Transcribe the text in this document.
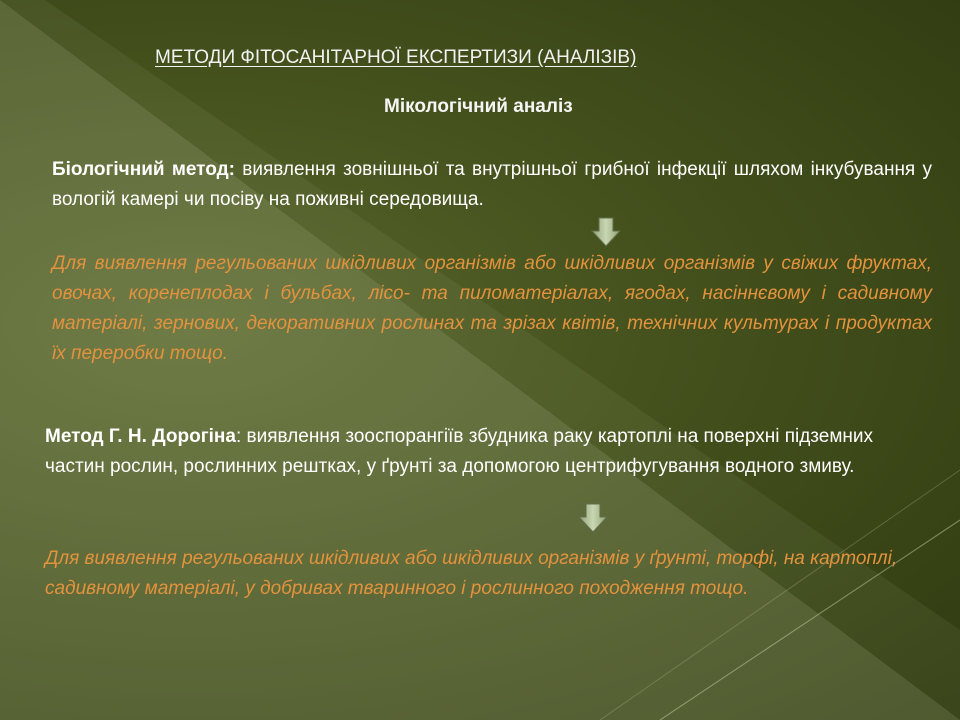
МЕТОДИ ФІТОСАНІТАРНОЇ ЕКСПЕРТИЗИ (АНАЛІЗІВ)
Мікологічний аналіз

Біологічний метод: виявлення зовнішньої та внутрішньої грибної інфекції шляхом інкубування у вологій камері чи посіву на поживні середовища.

Для виявлення регульованих шкідливих організмів або шкідливих організмів у свіжих фруктах, овочах, коренеплодах і бульбах, лісо- та пиломатеріалах, ягодах, насіннєвому і садивному матеріалі, зернових, декоративних рослинах та зрізах квітів, технічних культурах і продуктах їх переробки тощо.

Метод Г. Н. Дорогіна: виявлення зооспорангіїв збудника раку картоплі на поверхні підземних частин рослин, рослинних рештках, у ґрунті за допомогою центрифугування водного змиву.

Для виявлення регульованих шкідливих або шкідливих організмів у ґрунті, торфі, на картоплі, садивному матеріалі, у добривах тваринного і рослинного походження тощо.
